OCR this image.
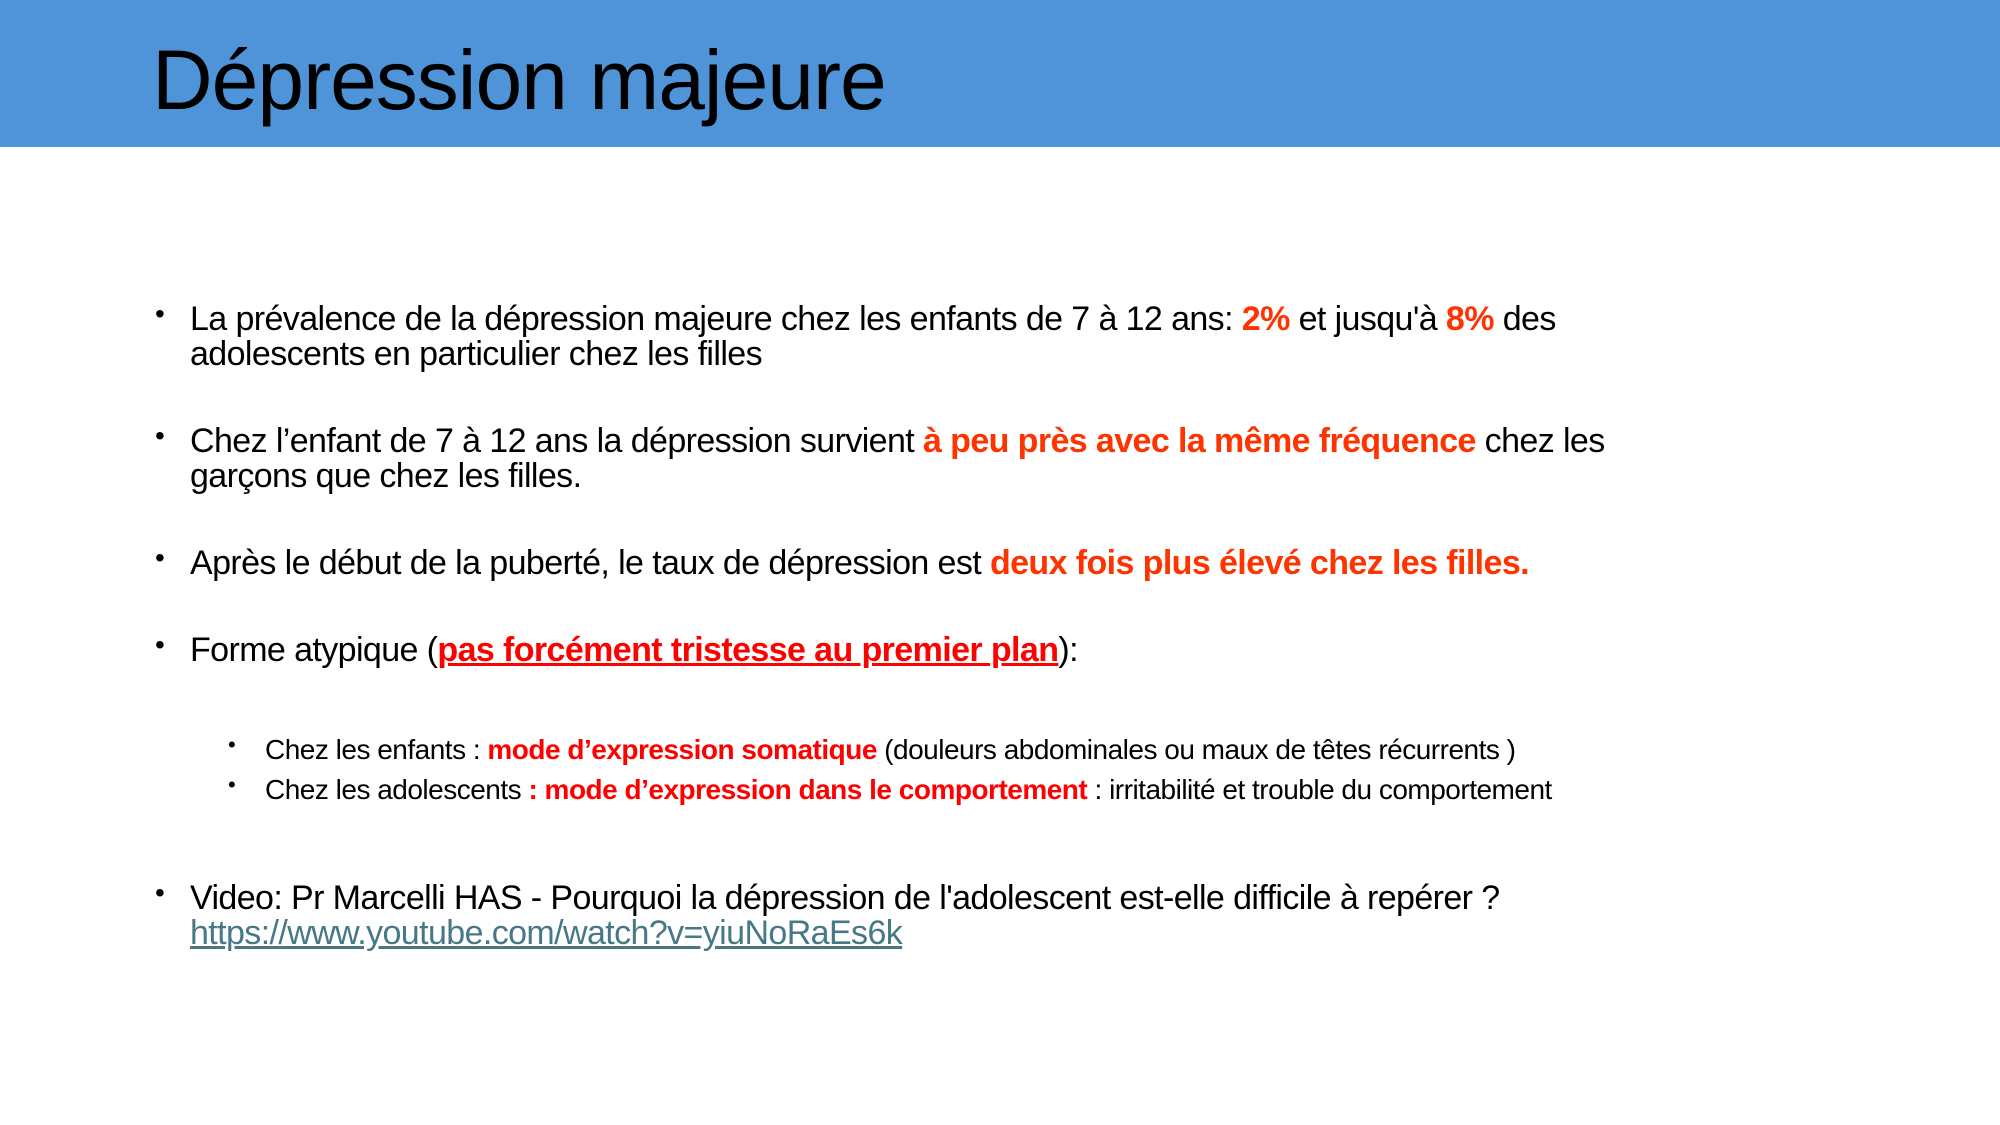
Dépression majeure
• La prévalence de la dépression majeure chez les enfants de 7 à 12 ans: 2% et jusqu'à 8% des
adolescents en particulier chez les filles
• Chez l’enfant de 7 à 12 ans la dépression survient à peu près avec la même fréquence chez les
garçons que chez les filles.
• Après le début de la puberté, le taux de dépression est deux fois plus élevé chez les filles.
• Forme atypique (pas forcément tristesse au premier plan):
• Chez les enfants : mode d’expression somatique (douleurs abdominales ou maux de têtes récurrents )
• Chez les adolescents : mode d’expression dans le comportement : irritabilité et trouble du comportement
• Video: Pr Marcelli HAS - Pourquoi la dépression de l'adolescent est-elle difficile à repérer ?
https://www.youtube.com/watch?v=yiuNoRaEs6k
